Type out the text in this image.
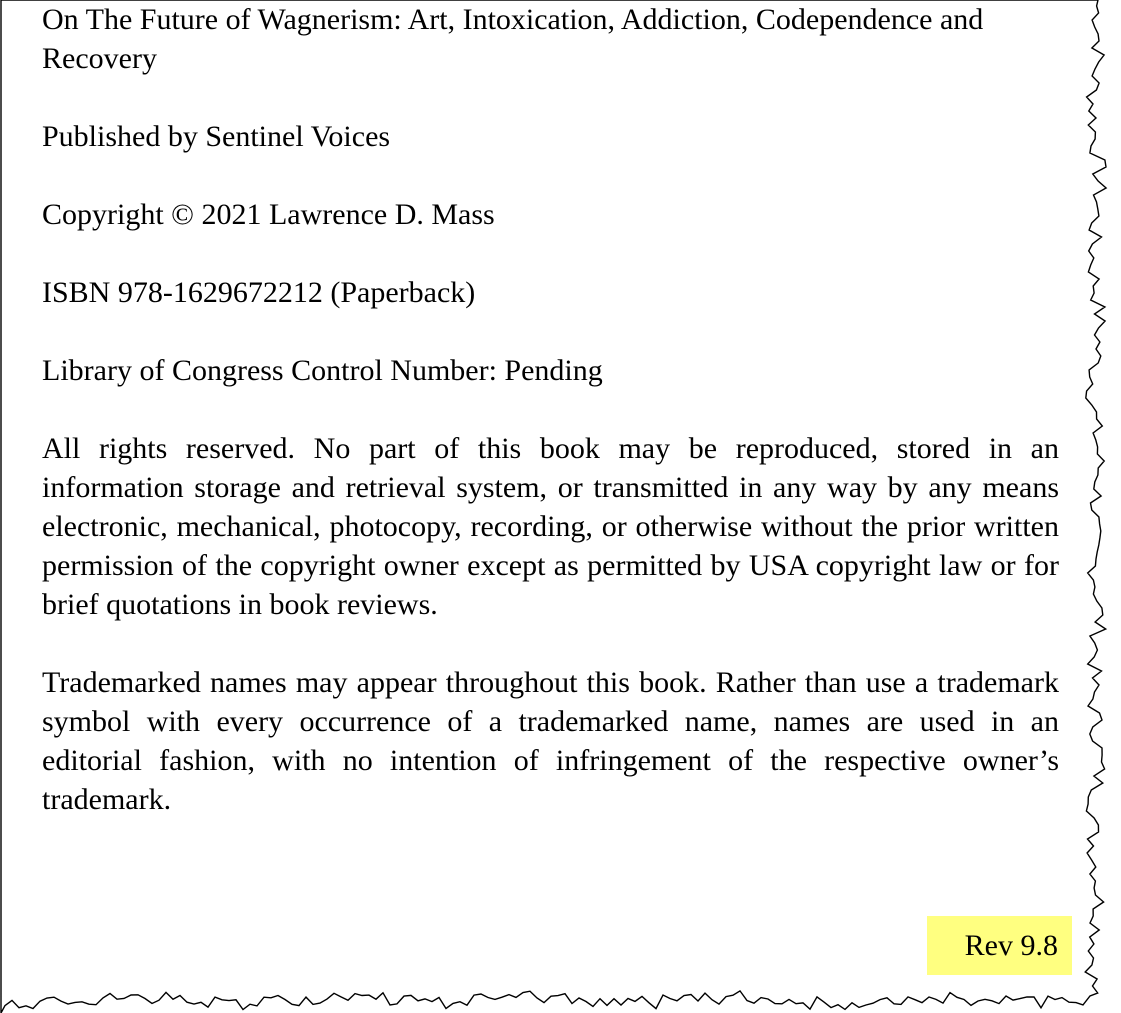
On The Future of Wagnerism: Art, Intoxication, Addiction, Codependence and Recovery

Published by Sentinel Voices

Copyright © 2021 Lawrence D. Mass

ISBN 978-1629672212 (Paperback)

Library of Congress Control Number: Pending

All rights reserved. No part of this book may be reproduced, stored in an information storage and retrieval system, or transmitted in any way by any means electronic, mechanical, photocopy, recording, or otherwise without the prior written permission of the copyright owner except as permitted by USA copyright law or for brief quotations in book reviews.

Trademarked names may appear throughout this book. Rather than use a trademark symbol with every occurrence of a trademarked name, names are used in an editorial fashion, with no intention of infringement of the respective owner’s trademark.

Rev 9.8
